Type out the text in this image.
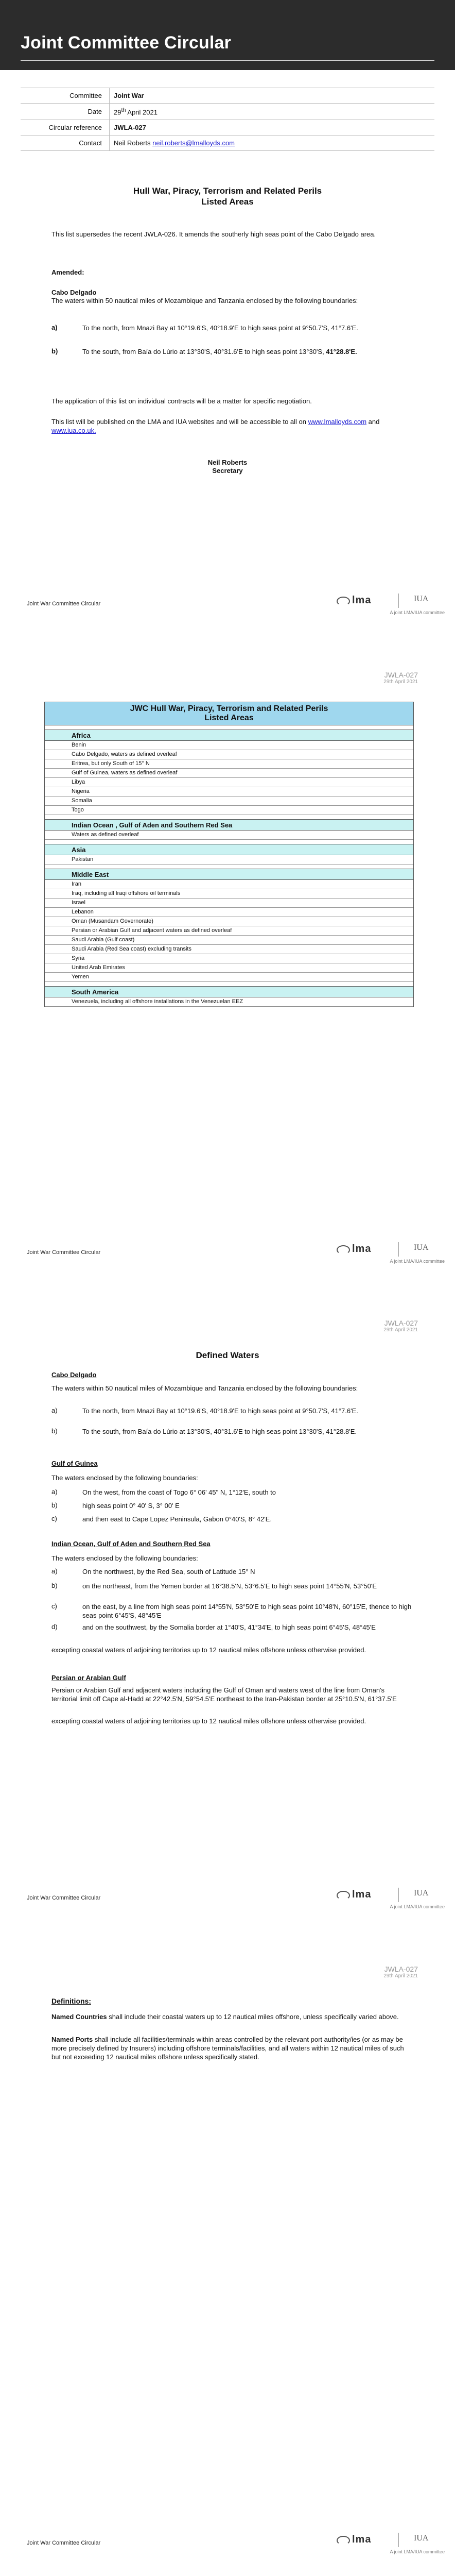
Joint Committee Circular
Committee	Joint War
Date	29th April 2021
Circular reference	JWLA-027
Contact	Neil Roberts neil.roberts@lmalloyds.com
Hull War, Piracy, Terrorism and Related Perils
Listed Areas
This list supersedes the recent JWLA-026. It amends the southerly high seas point of the Cabo Delgado area.
Amended:
Cabo Delgado
The waters within 50 nautical miles of Mozambique and Tanzania enclosed by the following boundaries:
a)	To the north, from Mnazi Bay at 10°19.6'S, 40°18.9'E to high seas point at 9°50.7'S, 41°7.6'E.
b)	To the south, from Baía do Lúrio at 13°30'S, 40°31.6'E to high seas point 13°30'S, 41°28.8'E.
The application of this list on individual contracts will be a matter for specific negotiation.
This list will be published on the LMA and IUA websites and will be accessible to all on www.lmalloyds.com and www.iua.co.uk.
Neil Roberts
Secretary
Joint War Committee Circular	lma	IUA
A joint LMA/IUA committee
JWLA-027
29th April 2021
JWC Hull War, Piracy, Terrorism and Related Perils
Listed Areas
Africa
Benin
Cabo Delgado, waters as defined overleaf
Eritrea, but only South of 15° N
Gulf of Guinea, waters as defined overleaf
Libya
Nigeria
Somalia
Togo
Indian Ocean , Gulf of Aden and Southern Red Sea
Waters as defined overleaf
Asia
Pakistan
Middle East
Iran
Iraq, including all Iraqi offshore oil terminals
Israel
Lebanon
Oman (Musandam Governorate)
Persian or Arabian Gulf and adjacent waters as defined overleaf
Saudi Arabia (Gulf coast)
Saudi Arabia (Red Sea coast) excluding transits
Syria
United Arab Emirates
Yemen
South America
Venezuela, including all offshore installations in the Venezuelan EEZ
Joint War Committee Circular	lma	IUA
A joint LMA/IUA committee
JWLA-027
29th April 2021
Defined Waters
Cabo Delgado
The waters within 50 nautical miles of Mozambique and Tanzania enclosed by the following boundaries:
a)	To the north, from Mnazi Bay at 10°19.6'S, 40°18.9'E to high seas point at 9°50.7'S, 41°7.6'E.
b)	To the south, from Baía do Lúrio at 13°30'S, 40°31.6'E to high seas point 13°30'S, 41°28.8'E.
Gulf of Guinea
The waters enclosed by the following boundaries:
a)	On the west, from the coast of Togo 6° 06' 45" N, 1°12'E, south to
b)	high seas point 0° 40' S, 3° 00' E
c)	and then east to Cape Lopez Peninsula, Gabon 0°40'S, 8° 42'E.
Indian Ocean, Gulf of Aden and Southern Red Sea
The waters enclosed by the following boundaries:
a)	On the northwest, by the Red Sea, south of Latitude 15° N
b)	on the northeast, from the Yemen border at 16°38.5'N, 53°6.5'E to high seas point 14°55'N, 53°50'E
c)	on the east, by a line from high seas point 14°55'N, 53°50'E to high seas point 10°48'N, 60°15'E, thence to high seas point 6°45'S, 48°45'E
d)	and on the southwest, by the Somalia border at 1°40'S, 41°34'E, to high seas point 6°45'S, 48°45'E
excepting coastal waters of adjoining territories up to 12 nautical miles offshore unless otherwise provided.
Persian or Arabian Gulf
Persian or Arabian Gulf and adjacent waters including the Gulf of Oman and waters west of the line from Oman's territorial limit off Cape al-Hadd at 22°42.5'N, 59°54.5'E northeast to the Iran-Pakistan border at 25°10.5'N, 61°37.5'E
excepting coastal waters of adjoining territories up to 12 nautical miles offshore unless otherwise provided.
Joint War Committee Circular	lma	IUA
A joint LMA/IUA committee
JWLA-027
29th April 2021
Definitions:
Named Countries shall include their coastal waters up to 12 nautical miles offshore, unless specifically varied above.
Named Ports shall include all facilities/terminals within areas controlled by the relevant port authority/ies (or as may be more precisely defined by Insurers) including offshore terminals/facilities, and all waters within 12 nautical miles of such but not exceeding 12 nautical miles offshore unless specifically stated.
Joint War Committee Circular	lma	IUA
A joint LMA/IUA committee
